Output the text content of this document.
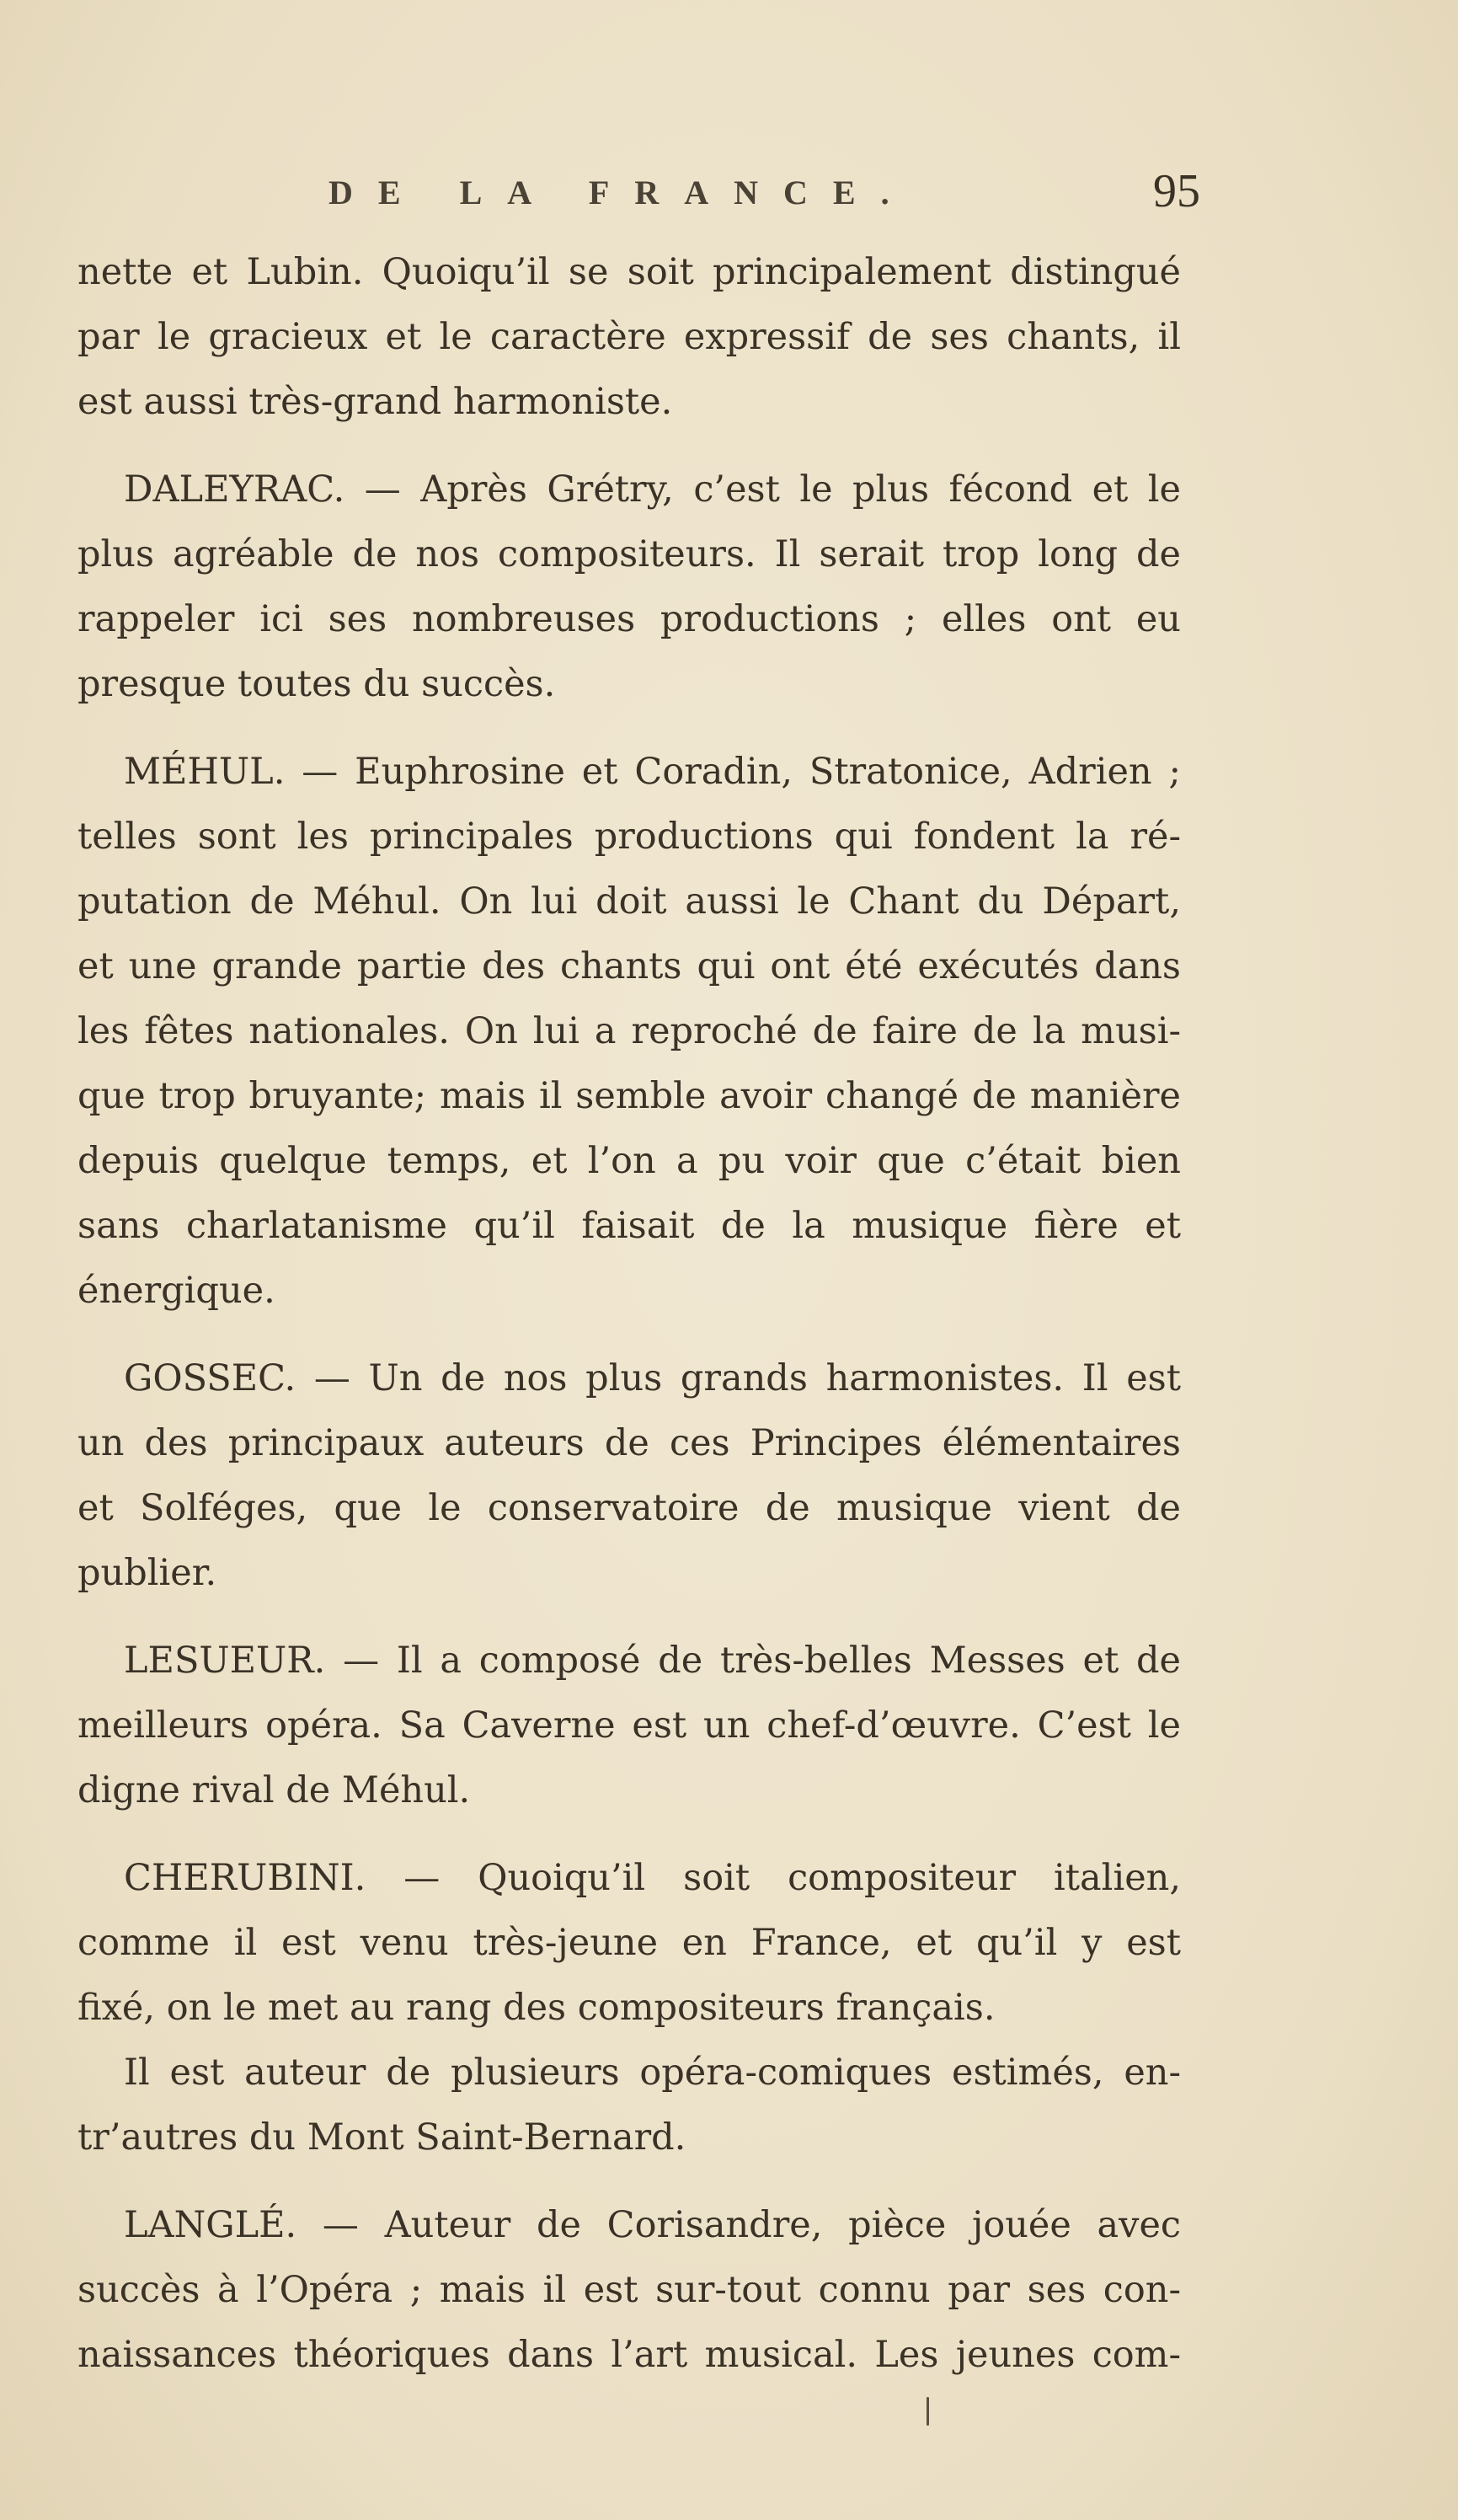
DE LA FRANCE.	95
nette et Lubin. Quoiqu’il se soit principalement distingué
par le gracieux et le caractère expressif de ses chants, il
est aussi très-grand harmoniste.
DALEYRAC. — Après Grétry, c’est le plus fécond et le
plus agréable de nos compositeurs. Il serait trop long de
rappeler ici ses nombreuses productions ; elles ont eu
presque toutes du succès.
MÉHUL. — Euphrosine et Coradin, Stratonice, Adrien ;
telles sont les principales productions qui fondent la ré-
putation de Méhul. On lui doit aussi le Chant du Départ,
et une grande partie des chants qui ont été exécutés dans
les fêtes nationales. On lui a reproché de faire de la musi-
que trop bruyante; mais il semble avoir changé de manière
depuis quelque temps, et l’on a pu voir que c’était bien
sans charlatanisme qu’il faisait de la musique fière et
énergique.
GOSSEC. — Un de nos plus grands harmonistes. Il est
un des principaux auteurs de ces Principes élémentaires
et Solféges, que le conservatoire de musique vient de
publier.
LESUEUR. — Il a composé de très-belles Messes et de
meilleurs opéra. Sa Caverne est un chef-d’œuvre. C’est le
digne rival de Méhul.
CHERUBINI. — Quoiqu’il soit compositeur italien,
comme il est venu très-jeune en France, et qu’il y est
fixé, on le met au rang des compositeurs français.
Il est auteur de plusieurs opéra-comiques estimés, en-
tr’autres du Mont Saint-Bernard.
LANGLÉ. — Auteur de Corisandre, pièce jouée avec
succès à l’Opéra ; mais il est sur-tout connu par ses con-
naissances théoriques dans l’art musical. Les jeunes com-
